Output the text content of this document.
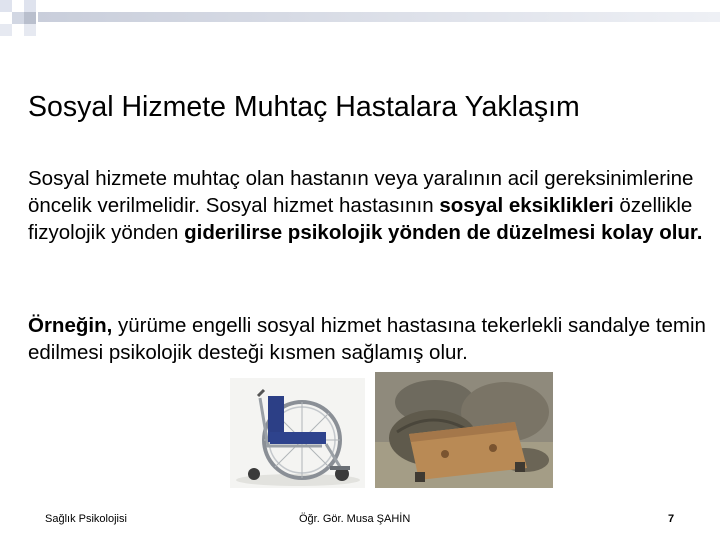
Sosyal Hizmete Muhtaç Hastalara Yaklaşım

Sosyal hizmete muhtaç olan hastanın veya yaralının acil gereksinimlerine öncelik verilmelidir. Sosyal hizmet hastasının sosyal eksiklikleri özellikle fizyolojik yönden giderilirse psikolojik yönden de düzelmesi kolay olur.

Örneğin, yürüme engelli sosyal hizmet hastasına tekerlekli sandalye temin edilmesi psikolojik desteği kısmen sağlamış olur.

Sağlık Psikolojisi	Öğr. Gör. Musa ŞAHİN	7
